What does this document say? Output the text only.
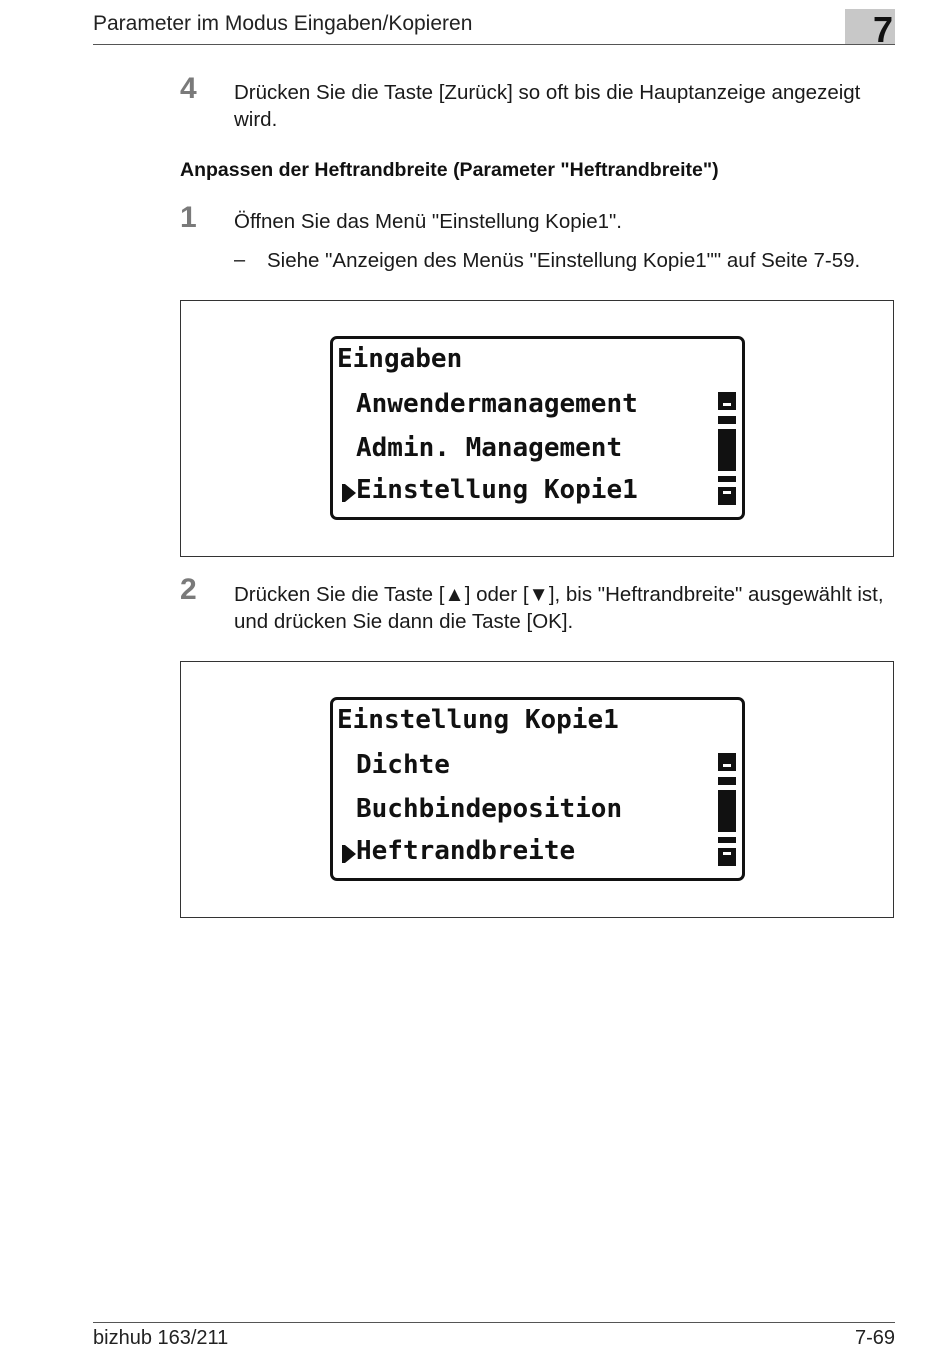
Parameter im Modus Eingaben/Kopieren	7
4 Drücken Sie die Taste [Zurück] so oft bis die Hauptanzeige angezeigt wird.
Anpassen der Heftrandbreite (Parameter "Heftrandbreite")
1 Öffnen Sie das Menü "Einstellung Kopie1".
– Siehe "Anzeigen des Menüs "Einstellung Kopie1"" auf Seite 7-59.
Eingaben
Anwendermanagement
Admin. Management
Einstellung Kopie1
2 Drücken Sie die Taste [▲] oder [▼], bis "Heftrandbreite" ausgewählt ist,
und drücken Sie dann die Taste [OK].
Einstellung Kopie1
Dichte
Buchbindeposition
Heftrandbreite
bizhub 163/211	7-69
